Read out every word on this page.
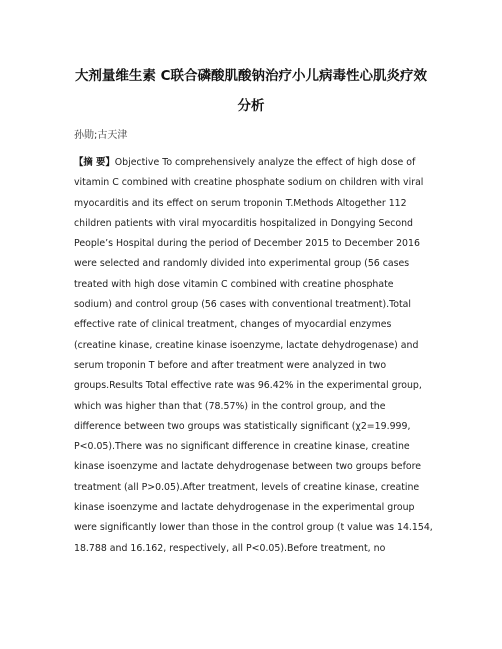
大剂量维生素 C联合磷酸肌酸钠治疗小儿病毒性心肌炎疗效
分析
孙勋;古天津
【摘 要】Objective To comprehensively analyze the effect of high dose of
vitamin C combined with creatine phosphate sodium on children with viral
myocarditis and its effect on serum troponin T.Methods Altogether 112
children patients with viral myocarditis hospitalized in Dongying Second
People’s Hospital during the period of December 2015 to December 2016
were selected and randomly divided into experimental group (56 cases
treated with high dose vitamin C combined with creatine phosphate
sodium) and control group (56 cases with conventional treatment).Total
effective rate of clinical treatment, changes of myocardial enzymes
(creatine kinase, creatine kinase isoenzyme, lactate dehydrogenase) and
serum troponin T before and after treatment were analyzed in two
groups.Results Total effective rate was 96.42% in the experimental group,
which was higher than that (78.57%) in the control group, and the
difference between two groups was statistically significant (χ2=19.999,
P<0.05).There was no significant difference in creatine kinase, creatine
kinase isoenzyme and lactate dehydrogenase between two groups before
treatment (all P>0.05).After treatment, levels of creatine kinase, creatine
kinase isoenzyme and lactate dehydrogenase in the experimental group
were significantly lower than those in the control group (t value was 14.154,
18.788 and 16.162, respectively, all P<0.05).Before treatment, no
